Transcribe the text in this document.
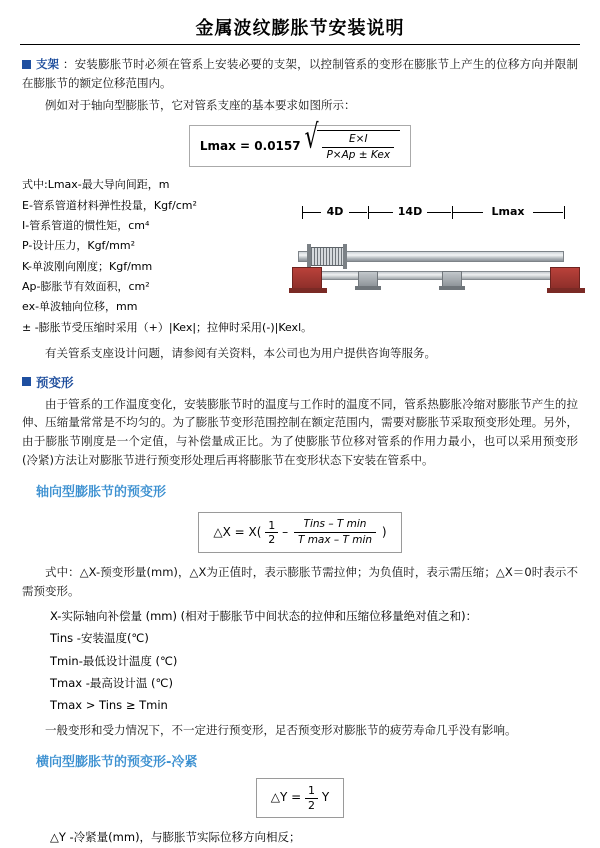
金属波纹膨胀节安装说明

支架 ：安装膨胀节时必须在管系上安装必要的支架，以控制管系的变形在膨胀节上产生的位移方向并限制在膨胀节的额定位移范围内。

例如对于轴向型膨胀节，它对管系支座的基本要求如图所示：

Lmax = 0.0157 √ $\frac{E\times I}{\text{P×Ap ± Kex}}$
式中:Lmax-最大导向间距，m
E-管系管道材料弹性投量，Kgf/cm²
I-管系管道的惯性矩，cm⁴
P-设计压力，Kgf/mm²
K-单波刚向刚度；Kgf/mm
Ap-膨胀节有效面积，cm²
ex-单波轴向位移，mm
± -膨胀节受压缩时采用（+）|Kex|；拉伸时采用(-)|Kexl。
4D	14D	Lmax

有关管系支座设计问题，请参阅有关资料，本公司也为用户提供咨询等服务。

预变形

由于管系的工作温度变化，安装膨胀节时的温度与工作时的温度不同，管系热膨胀冷缩对膨胀节产生的拉伸、压缩量常常是不均匀的。为了膨胀节变形范围控制在额定范围内，需要对膨胀节采取预变形处理。另外，由于膨胀节刚度是一个定值，与补偿量成正比。为了使膨胀节位移对管系的作用力最小，也可以采用预变形(冷紧)方法让对膨胀节进行预变形处理后再将膨胀节在变形状态下安装在管系中。

轴向型膨胀节的预变形
△X = $X( \frac{1}{2} - \frac{\text{Tins – T min}}{\text{T max – T min}}$ )

式中：△X-预变形量(mm)，△X为正值时，表示膨胀节需拉伸；为负值时，表示需压缩；△X＝0时表示不需预变形。

X-实际轴向补偿量 (mm) (相对于膨胀节中间状态的拉伸和压缩位移量绝对值之和)：
Tins -安装温度(℃)
Tmin-最低设计温度 (℃)
Tmax -最高设计温 (℃)
Tmax > Tins ≥ Tmin

一般变形和受力情况下，不一定进行预变形，足否预变形对膨胀节的疲劳寿命几乎没有影响。

横向型膨胀节的预变形-冷紧
△Y = $\frac{1}{2}$ Y
△Y -冷紧量(mm)，与膨胀节实际位移方向相反；
